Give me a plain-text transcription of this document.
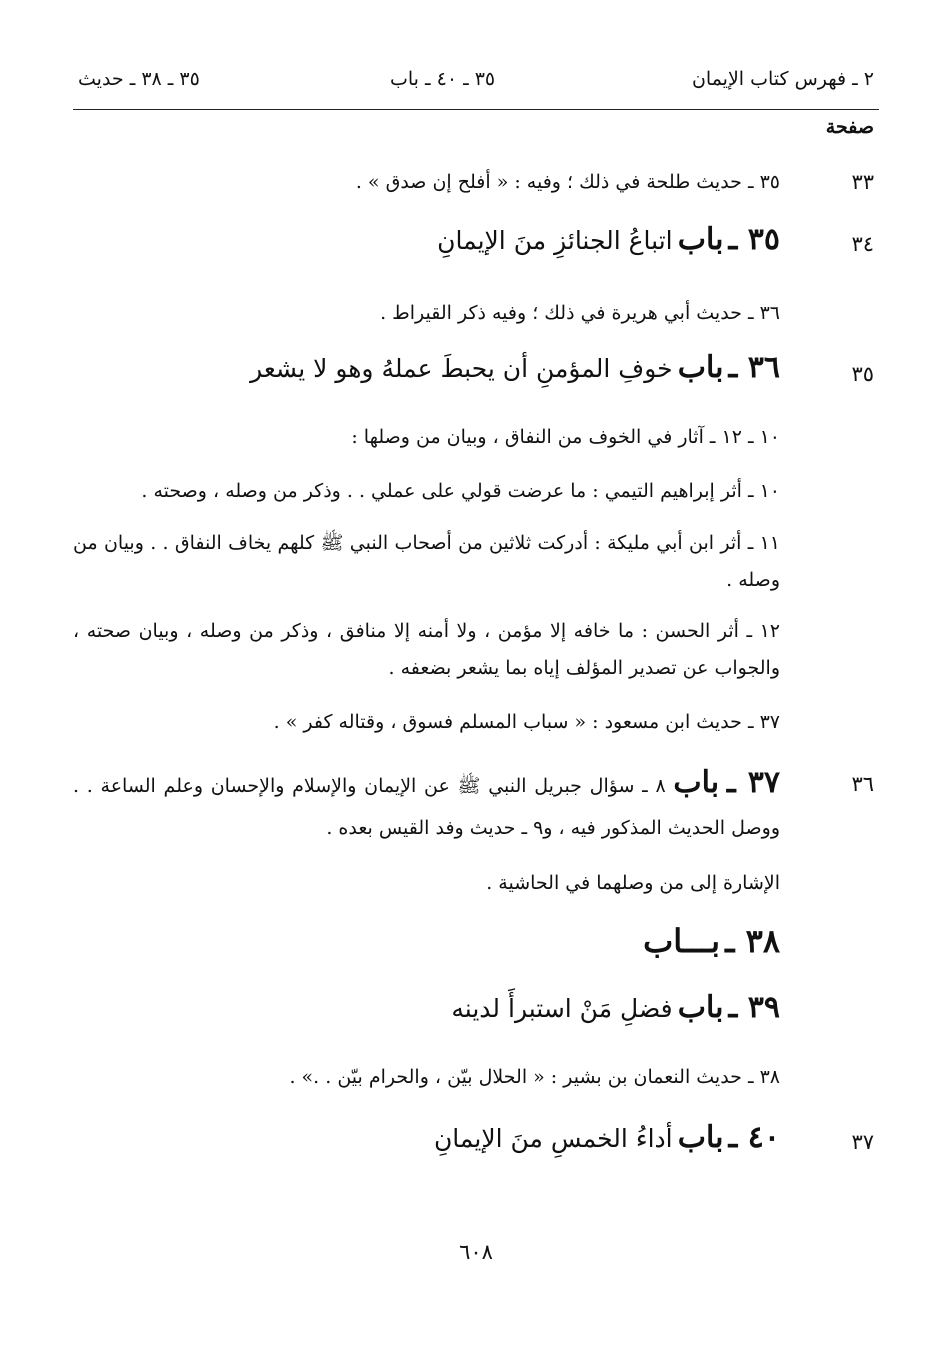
٢ ـ فهرس كتاب الإيمان
٣٥ ـ ٤٠ ـ باب
٣٥ ـ ٣٨ ـ حديث
صفحة
٣٣
٣٥ ـ حديث طلحة في ذلك ؛ وفيه : « أفلح إن صدق » .
٣٤
٣٥ ـ باب اتباعُ الجنائزِ منَ الإيمانِ
٣٦ ـ حديث أبي هريرة في ذلك ؛ وفيه ذكر القيراط .
٣٥
٣٦ ـ باب خوفِ المؤمنِ أن يحبطَ عملهُ وهو لا يشعر
١٠ ـ ١٢ ـ آثار في الخوف من النفاق ، وبيان من وصلها :
١٠ ـ أثر إبراهيم التيمي : ما عرضت قولي على عملي . . وذكر من وصله ، وصحته .
١١ ـ أثر ابن أبي مليكة : أدركت ثلاثين من أصحاب النبي ﷺ كلهم يخاف النفاق . . وبيان من وصله .
١٢ ـ أثر الحسن : ما خافه إلا مؤمن ، ولا أمنه إلا منافق ، وذكر من وصله ، وبيان صحته ، والجواب عن تصدير المؤلف إياه بما يشعر بضعفه .
٣٧ ـ حديث ابن مسعود : « سباب المسلم فسوق ، وقتاله كفر » .
٣٦
٣٧ ـ باب ٨ ـ سؤال جبريل النبي ﷺ عن الإيمان والإسلام والإحسان وعلم الساعة . . ووصل الحديث المذكور فيه ، و٩ ـ حديث وفد القيس بعده .
الإشارة إلى من وصلهما في الحاشية .
٣٨ ـ بـــاب
٣٩ ـ باب فضلِ مَنْ استبرأَ لدينه
٣٨ ـ حديث النعمان بن بشير : « الحلال بيّن ، والحرام بيّن . .» .
٣٧
٤٠ ـ باب أداءُ الخمسِ منَ الإيمانِ
٦٠٨
